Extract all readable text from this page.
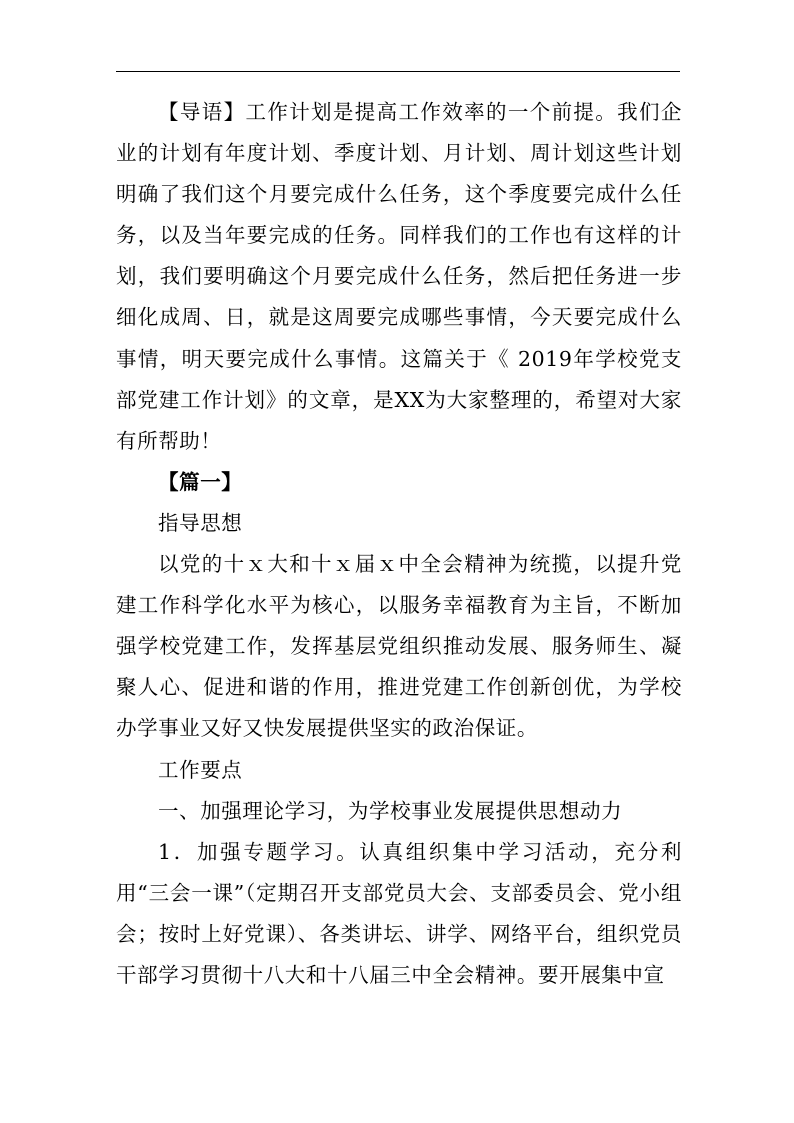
【导语】工作计划是提高工作效率的一个前提。我们企业的计划有年度计划、季度计划、月计划、周计划这些计划明确了我们这个月要完成什么任务，这个季度要完成什么任务，以及当年要完成的任务。同样我们的工作也有这样的计划，我们要明确这个月要完成什么任务，然后把任务进一步细化成周、日，就是这周要完成哪些事情，今天要完成什么事情，明天要完成什么事情。这篇关于《 2019年学校党支部党建工作计划》的文章，是XX为大家整理的，希望对大家有所帮助！

【篇一】

指导思想

以党的十ｘ大和十ｘ届ｘ中全会精神为统揽，以提升党建工作科学化水平为核心，以服务幸福教育为主旨，不断加强学校党建工作，发挥基层党组织推动发展、服务师生、凝聚人心、促进和谐的作用，推进党建工作创新创优，为学校办学事业又好又快发展提供坚实的政治保证。

工作要点

一、加强理论学习，为学校事业发展提供思想动力

1．加强专题学习。认真组织集中学习活动，充分利用“三会一课”（定期召开支部党员大会、支部委员会、党小组会；按时上好党课）、各类讲坛、讲学、网络平台，组织党员干部学习贯彻十八大和十八届三中全会精神。要开展集中宣
